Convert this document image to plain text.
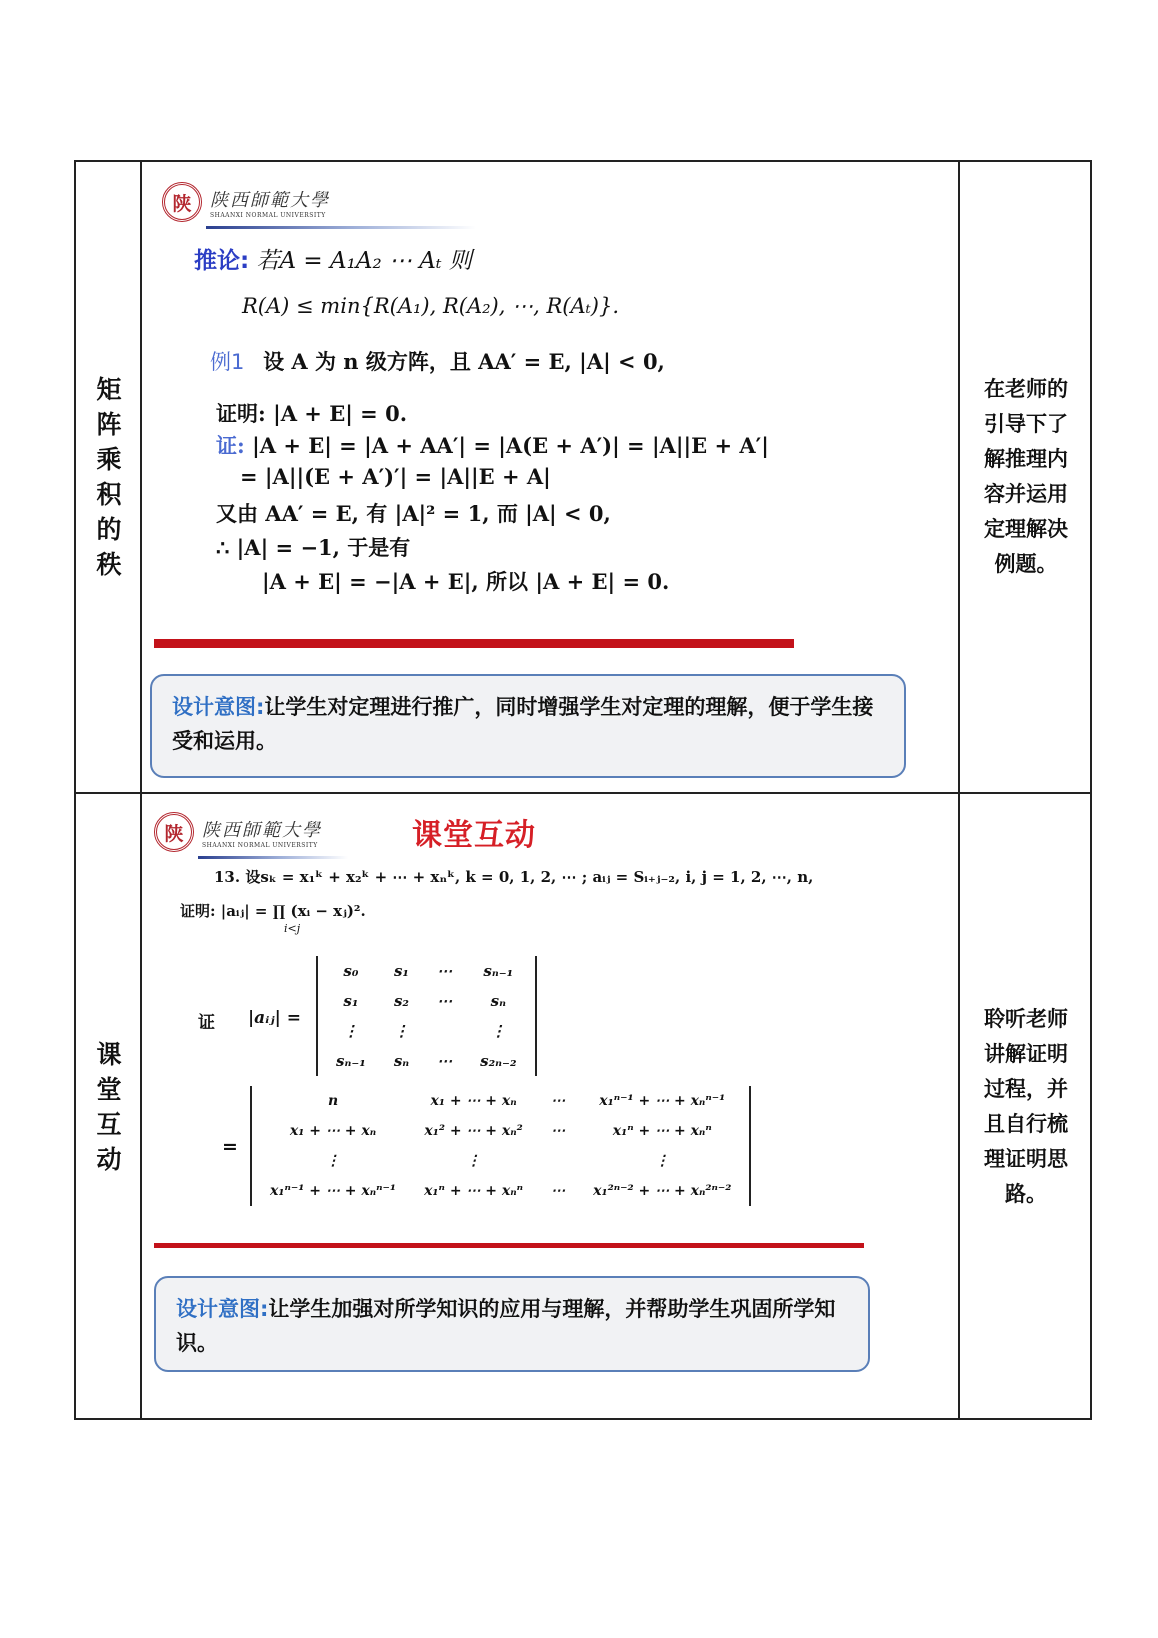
矩
阵
乘
积
的
秩
陕 陕西師範大學
SHAANXI NORMAL UNIVERSITY
推论: 若A = A₁A₂ ⋯ Aₜ 则
R(A) ≤ min{R(A₁), R(A₂), ⋯, R(Aₜ)}.
例1 设 A 为 n 级方阵，且 AA′ = E, |A| < 0,
证明: |A + E| = 0.
证: |A + E| = |A + AA′| = |A(E + A′)| = |A||E + A′|
= |A||(E + A′)′| = |A||E + A|
又由 AA′ = E, 有 |A|² = 1, 而 |A| < 0,
∴ |A| = −1, 于是有
|A + E| = −|A + E|, 所以 |A + E| = 0.
设计意图:让学生对定理进行推广，同时增强学生对定理的理解，便于学生接受和运用。
在老师的引导下了解推理内容并运用定理解决例题。
课
堂
互
动
陕 陕西師範大學
SHAANXI NORMAL UNIVERSITY	课堂互动
13. 设sₖ = x₁ᵏ + x₂ᵏ + ⋯ + xₙᵏ, k = 0, 1, 2, ⋯ ; aᵢⱼ = Sᵢ₊ⱼ₋₂, i, j = 1, 2, ⋯, n,
证明: |aᵢⱼ| = ∏ (xᵢ − xⱼ)².
i<j
证 |aᵢⱼ| =
s₀	s₁	⋯	sₙ₋₁
s₁	s₂	⋯	sₙ
⋮	⋮		⋮
sₙ₋₁	sₙ	⋯	s₂ₙ₋₂
=
n	x₁ + ⋯ + xₙ	⋯	x₁ⁿ⁻¹ + ⋯ + xₙⁿ⁻¹
x₁ + ⋯ + xₙ	x₁² + ⋯ + xₙ²	⋯	x₁ⁿ + ⋯ + xₙⁿ
⋮	⋮		⋮
x₁ⁿ⁻¹ + ⋯ + xₙⁿ⁻¹	x₁ⁿ + ⋯ + xₙⁿ	⋯	x₁²ⁿ⁻² + ⋯ + xₙ²ⁿ⁻²
设计意图:让学生加强对所学知识的应用与理解，并帮助学生巩固所学知识。
聆听老师讲解证明过程，并且自行梳理证明思路。
